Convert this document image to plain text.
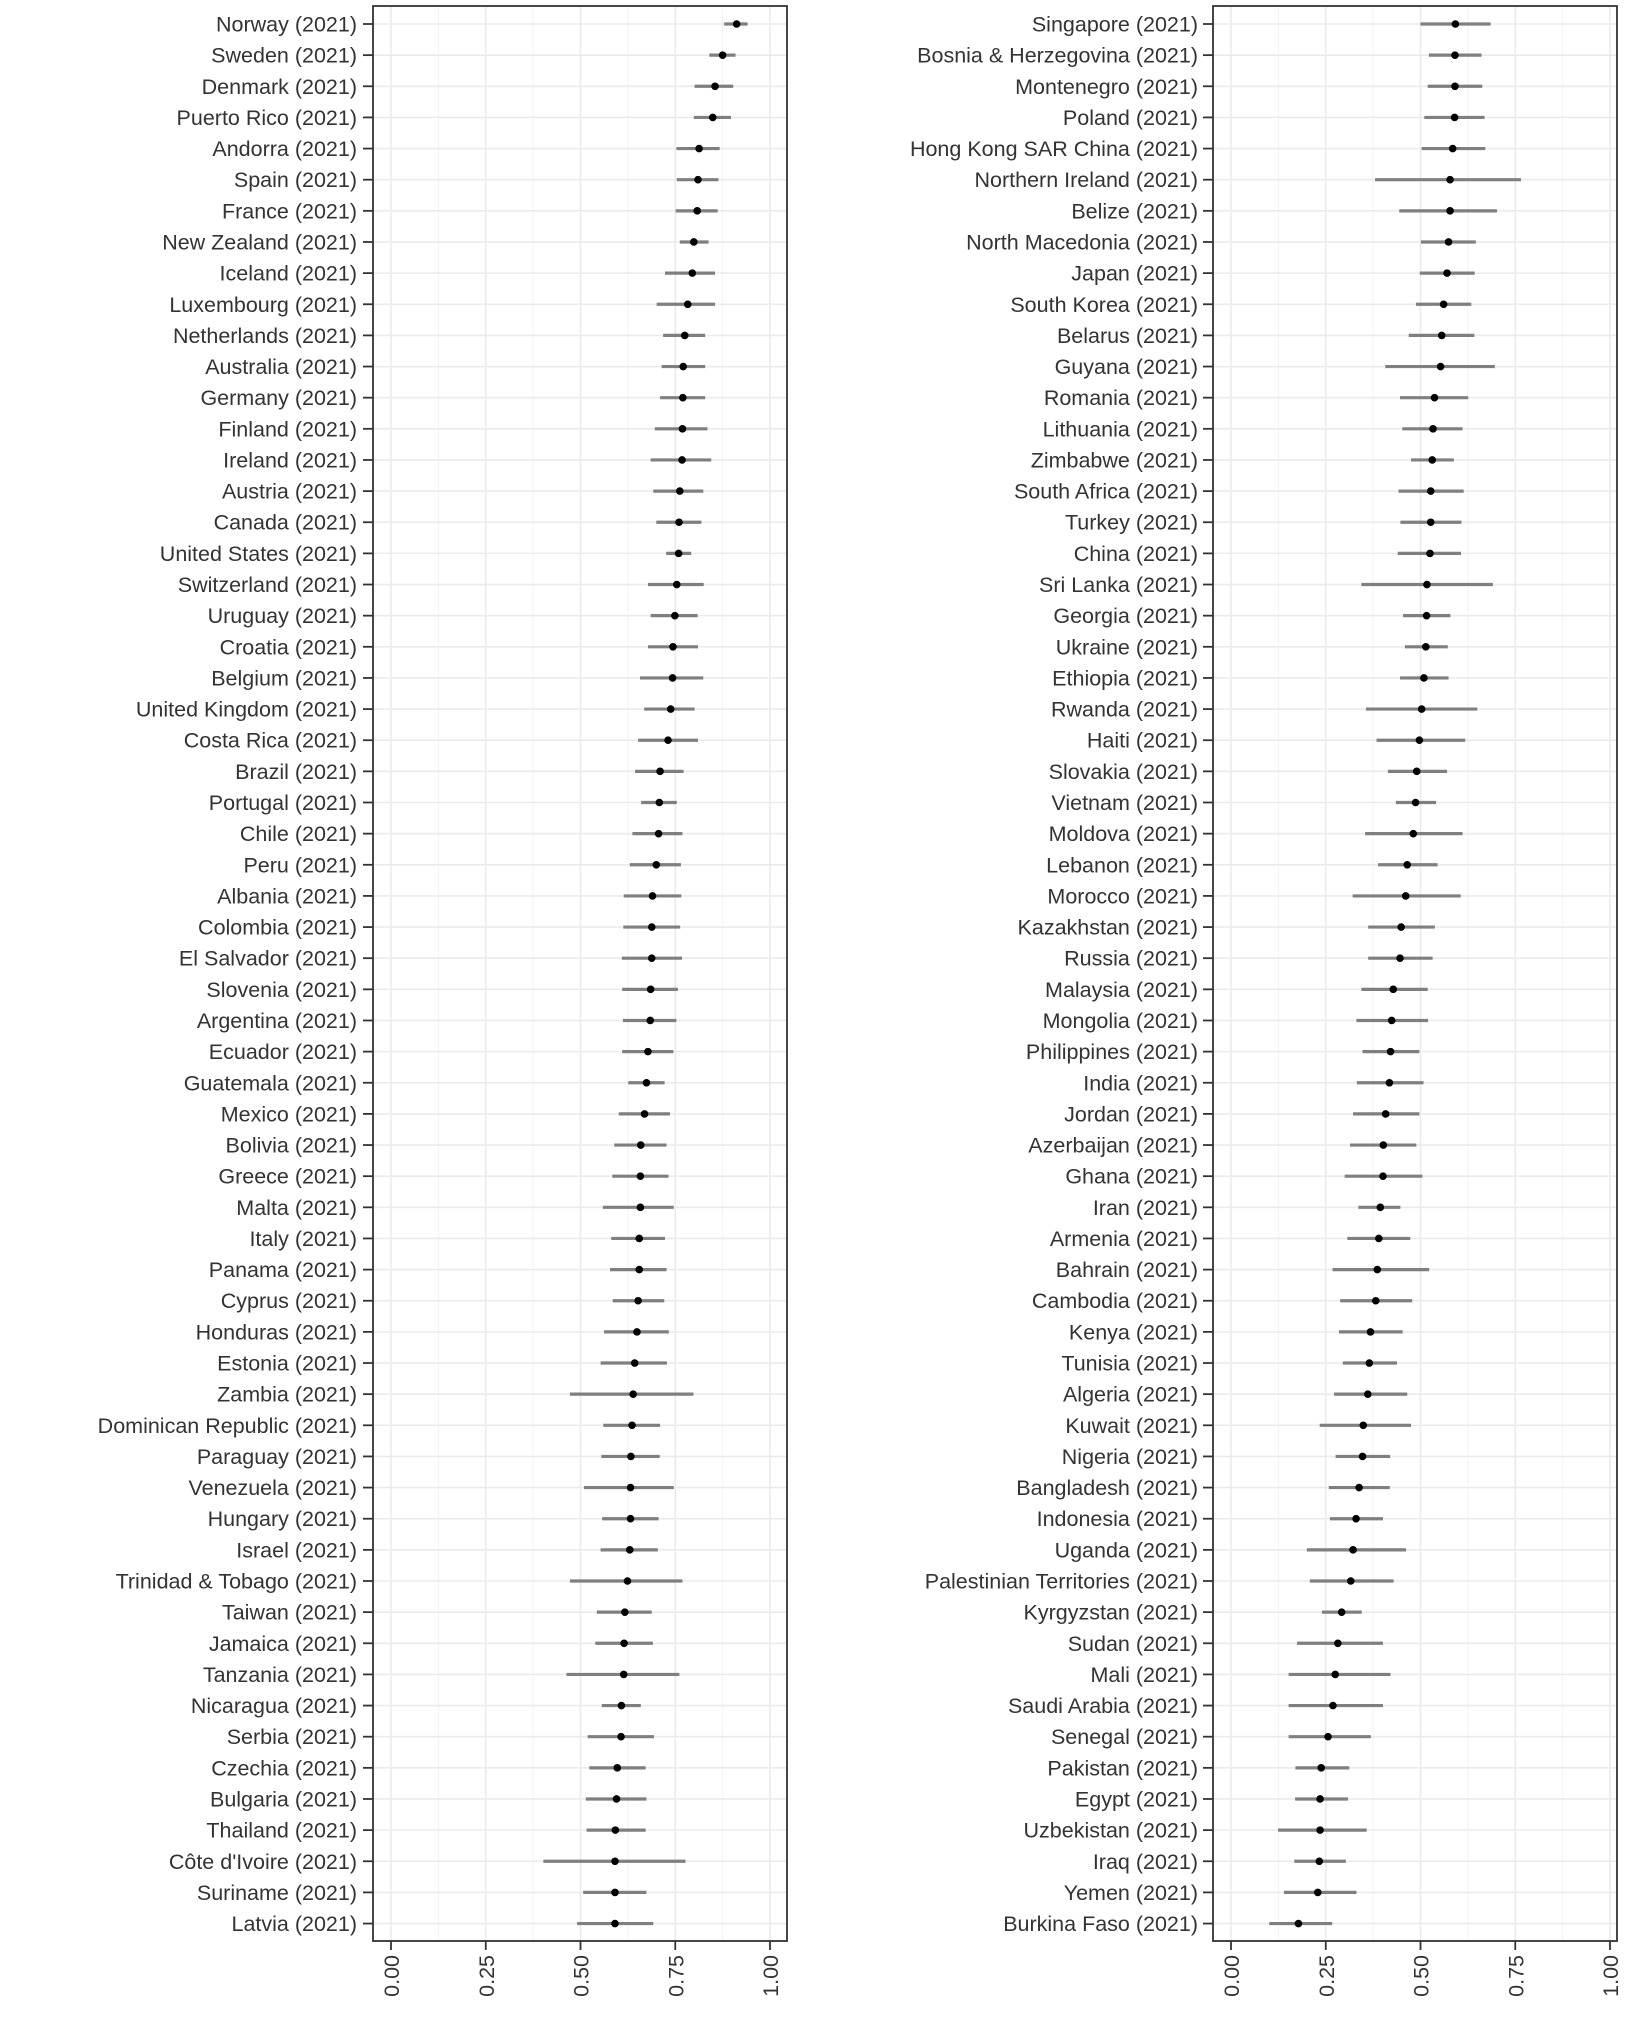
Norway (2021)
Sweden (2021)
Denmark (2021)
Puerto Rico (2021)
Andorra (2021)
Spain (2021)
France (2021)
New Zealand (2021)
Iceland (2021)
Luxembourg (2021)
Netherlands (2021)
Australia (2021)
Germany (2021)
Finland (2021)
Ireland (2021)
Austria (2021)
Canada (2021)
United States (2021)
Switzerland (2021)
Uruguay (2021)
Croatia (2021)
Belgium (2021)
United Kingdom (2021)
Costa Rica (2021)
Brazil (2021)
Portugal (2021)
Chile (2021)
Peru (2021)
Albania (2021)
Colombia (2021)
El Salvador (2021)
Slovenia (2021)
Argentina (2021)
Ecuador (2021)
Guatemala (2021)
Mexico (2021)
Bolivia (2021)
Greece (2021)
Malta (2021)
Italy (2021)
Panama (2021)
Cyprus (2021)
Honduras (2021)
Estonia (2021)
Zambia (2021)
Dominican Republic (2021)
Paraguay (2021)
Venezuela (2021)
Hungary (2021)
Israel (2021)
Trinidad & Tobago (2021)
Taiwan (2021)
Jamaica (2021)
Tanzania (2021)
Nicaragua (2021)
Serbia (2021)
Czechia (2021)
Bulgaria (2021)
Thailand (2021)
Côte d'Ivoire (2021)
Suriname (2021)
Latvia (2021)
0.00	0.25	0.50	0.75	1.00
Singapore (2021)
Bosnia & Herzegovina (2021)
Montenegro (2021)
Poland (2021)
Hong Kong SAR China (2021)
Northern Ireland (2021)
Belize (2021)
North Macedonia (2021)
Japan (2021)
South Korea (2021)
Belarus (2021)
Guyana (2021)
Romania (2021)
Lithuania (2021)
Zimbabwe (2021)
South Africa (2021)
Turkey (2021)
China (2021)
Sri Lanka (2021)
Georgia (2021)
Ukraine (2021)
Ethiopia (2021)
Rwanda (2021)
Haiti (2021)
Slovakia (2021)
Vietnam (2021)
Moldova (2021)
Lebanon (2021)
Morocco (2021)
Kazakhstan (2021)
Russia (2021)
Malaysia (2021)
Mongolia (2021)
Philippines (2021)
India (2021)
Jordan (2021)
Azerbaijan (2021)
Ghana (2021)
Iran (2021)
Armenia (2021)
Bahrain (2021)
Cambodia (2021)
Kenya (2021)
Tunisia (2021)
Algeria (2021)
Kuwait (2021)
Nigeria (2021)
Bangladesh (2021)
Indonesia (2021)
Uganda (2021)
Palestinian Territories (2021)
Kyrgyzstan (2021)
Sudan (2021)
Mali (2021)
Saudi Arabia (2021)
Senegal (2021)
Pakistan (2021)
Egypt (2021)
Uzbekistan (2021)
Iraq (2021)
Yemen (2021)
Burkina Faso (2021)
0.00	0.25	0.50	0.75	1.00
